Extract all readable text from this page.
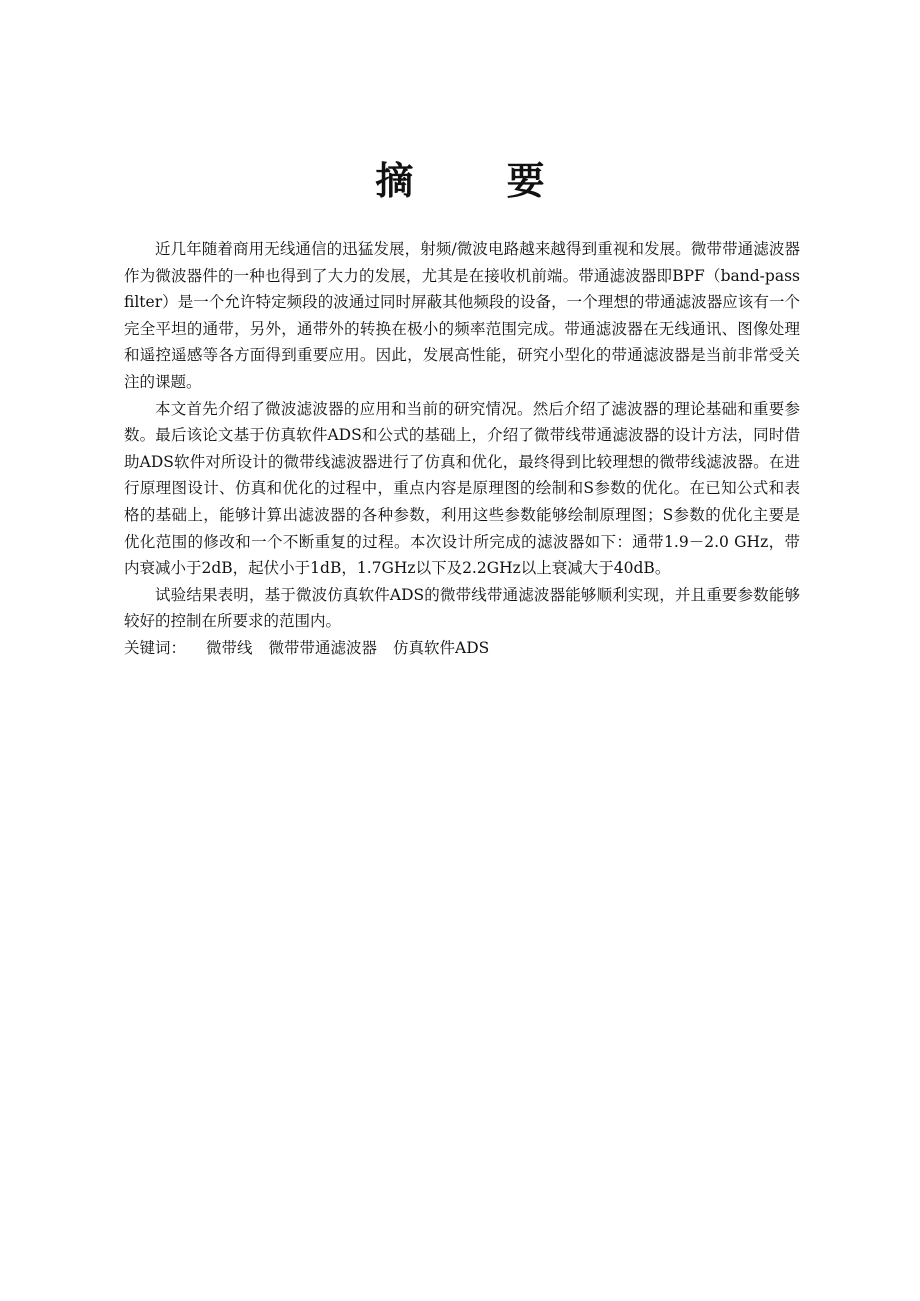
摘 要

近几年随着商用无线通信的迅猛发展，射频/微波电路越来越得到重视和发展。微带带通滤波器作为微波器件的一种也得到了大力的发展，尤其是在接收机前端。带通滤波器即BPF（band-pass filter）是一个允许特定频段的波通过同时屏蔽其他频段的设备，一个理想的带通滤波器应该有一个完全平坦的通带，另外，通带外的转换在极小的频率范围完成。带通滤波器在无线通讯、图像处理和遥控遥感等各方面得到重要应用。因此，发展高性能，研究小型化的带通滤波器是当前非常受关注的课题。

本文首先介绍了微波滤波器的应用和当前的研究情况。然后介绍了滤波器的理论基础和重要参数。最后该论文基于仿真软件ADS和公式的基础上，介绍了微带线带通滤波器的设计方法，同时借助ADS软件对所设计的微带线滤波器进行了仿真和优化，最终得到比较理想的微带线滤波器。在进行原理图设计、仿真和优化的过程中，重点内容是原理图的绘制和S参数的优化。在已知公式和表格的基础上，能够计算出滤波器的各种参数，利用这些参数能够绘制原理图；S参数的优化主要是优化范围的修改和一个不断重复的过程。本次设计所完成的滤波器如下：通带1.9－2.0 GHz，带内衰减小于2dB，起伏小于1dB，1.7GHz以下及2.2GHz以上衰减大于40dB。

试验结果表明，基于微波仿真软件ADS的微带线带通滤波器能够顺利实现，并且重要参数能够较好的控制在所要求的范围内。

关键词： 微带线 微带带通滤波器 仿真软件ADS
